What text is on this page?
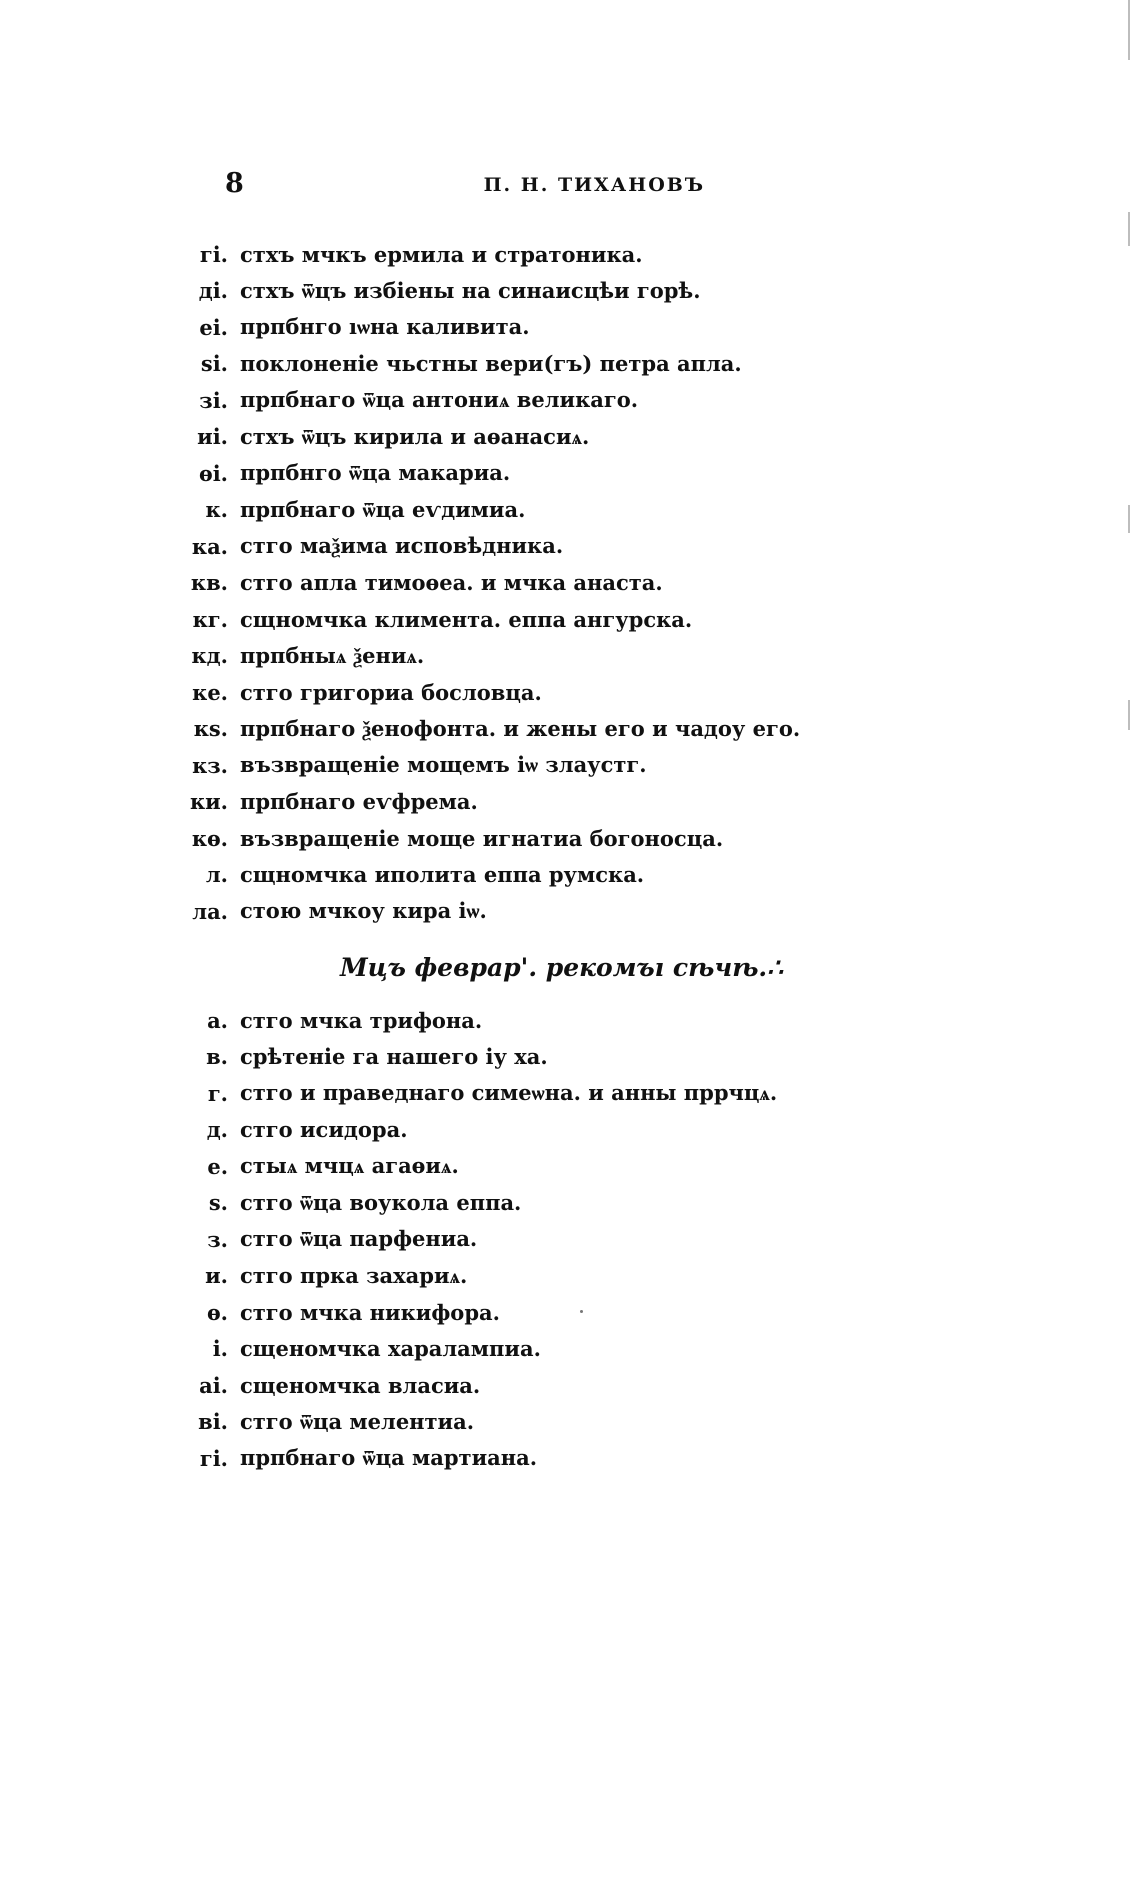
8	П. Н. ТИХАНОВЪ
гі. стхъ мчкъ ермила и стратоника.
ді. стхъ ѿцъ избіены на синаисцѣи горѣ.
еі. прпбнго ıѡна каливита.
ѕі. поклоненіе чьстны вери(гъ) петра апла.
зі. прпбнаго ѿца антониѧ великаго.
иі. стхъ ѿцъ кирила и аѳанасиѧ.
ѳі. прпбнго ѿца макариа.
к. прпбнаго ѿца еѵдимиа.
ка. стго маѯима исповѣдника.
кв. стго апла тимоѳеа. и мчка анаста.
кг. сщномчка климента. еппа ангурска.
кд. прпбныѧ ѯениѧ.
ке. стго григориа бословца.
кѕ. прпбнаго ѯенофонта. и жены его и чадоу его.
кз. възвращеніе мощемъ іѡ злаустг.
ки. прпбнаго еѵфрема.
кѳ. възвращеніе моще игнатиа богоносца.
л. сщномчка иполита еппа румска.
ла. стою мчкоу кира іѡ.
Мцъ феврар'. рекомъı сѣчѣ.∴
а. стго мчка трифона.
в. срѣтеніе га нашего іу ха.
г. стго и праведнаго симеѡна. и анны пррчцѧ.
д. стго исидора.
е. стыѧ мчцѧ агаѳиѧ.
ѕ. стго ѿца воукола еппа.
з. стго ѿца парфениа.
и. стго прка захариѧ.
ѳ. стго мчка никифора.
і. сщеномчка харалампиа.
аі. сщеномчка власиа.
ві. стго ѿца мелентиа.
гі. прпбнаго ѿца мартиана.
